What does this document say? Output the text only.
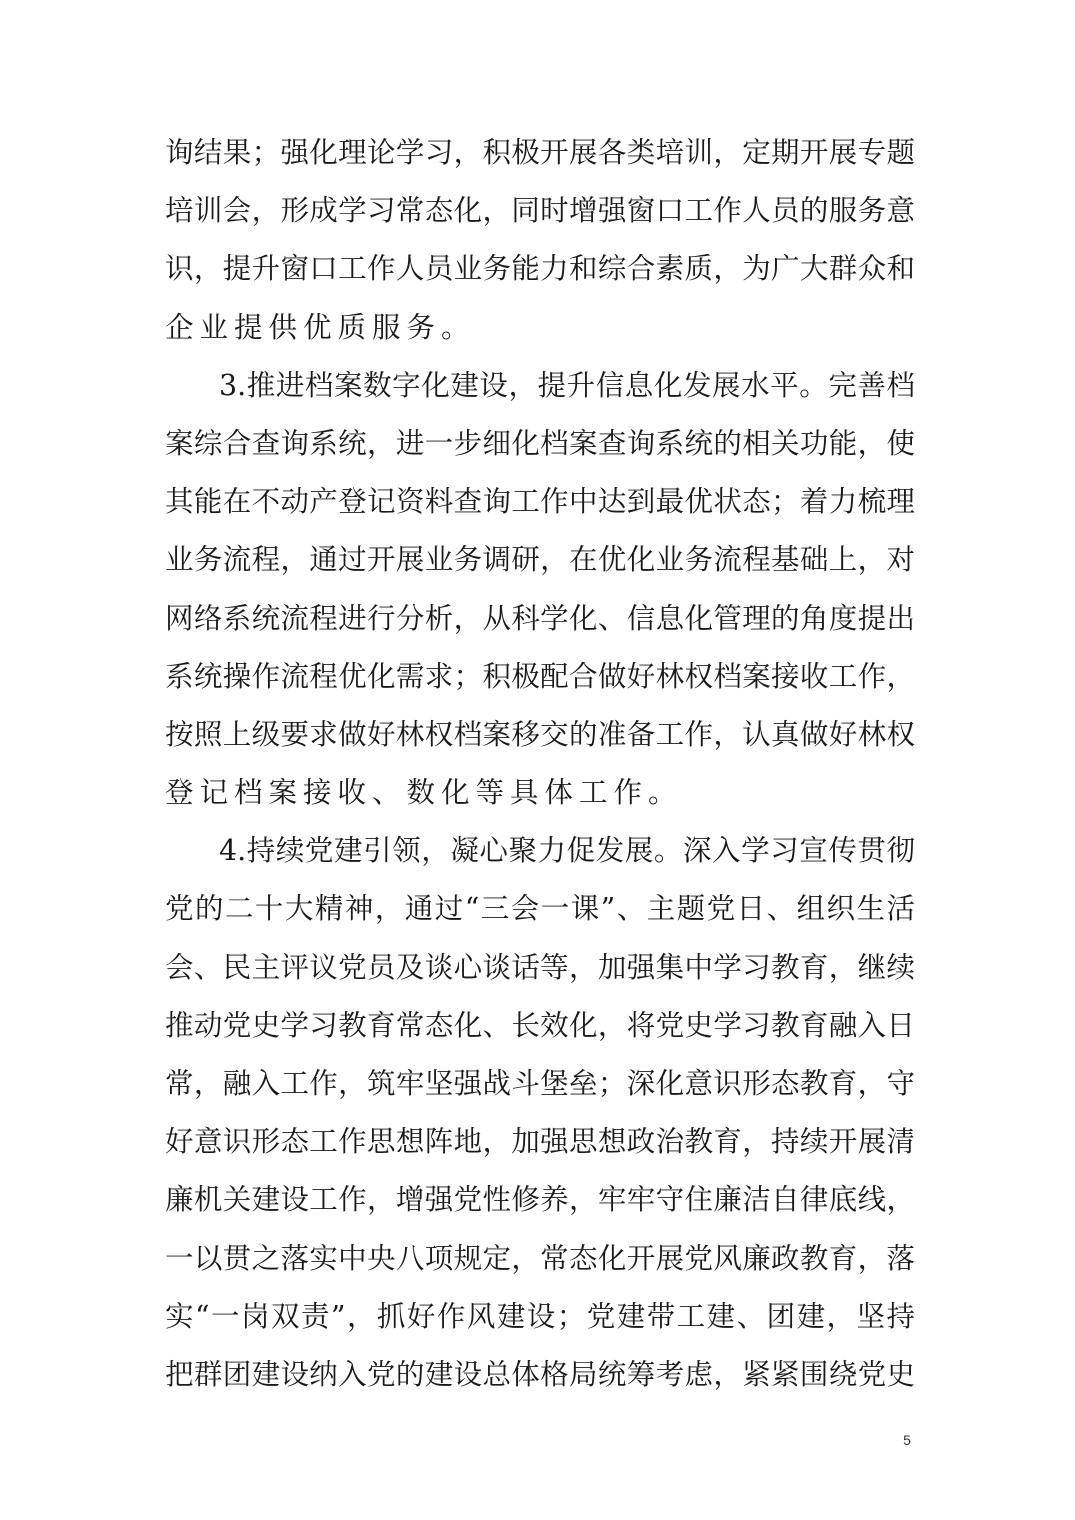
询结果；强化理论学习，积极开展各类培训，定期开展专题
培训会，形成学习常态化，同时增强窗口工作人员的服务意
识，提升窗口工作人员业务能力和综合素质，为广大群众和
企业提供优质服务。
3.推进档案数字化建设，提升信息化发展水平。完善档
案综合查询系统，进一步细化档案查询系统的相关功能，使
其能在不动产登记资料查询工作中达到最优状态；着力梳理
业务流程，通过开展业务调研，在优化业务流程基础上，对
网络系统流程进行分析，从科学化、信息化管理的角度提出
系统操作流程优化需求；积极配合做好林权档案接收工作，
按照上级要求做好林权档案移交的准备工作，认真做好林权
登记档案接收、数化等具体工作。
4.持续党建引领，凝心聚力促发展。深入学习宣传贯彻
党的二十大精神，通过“三会一课”、主题党日、组织生活
会、民主评议党员及谈心谈话等，加强集中学习教育，继续
推动党史学习教育常态化、长效化，将党史学习教育融入日
常，融入工作，筑牢坚强战斗堡垒；深化意识形态教育，守
好意识形态工作思想阵地，加强思想政治教育，持续开展清
廉机关建设工作，增强党性修养，牢牢守住廉洁自律底线，
一以贯之落实中央八项规定，常态化开展党风廉政教育，落
实“一岗双责”，抓好作风建设；党建带工建、团建，坚持
把群团建设纳入党的建设总体格局统筹考虑，紧紧围绕党史
5
